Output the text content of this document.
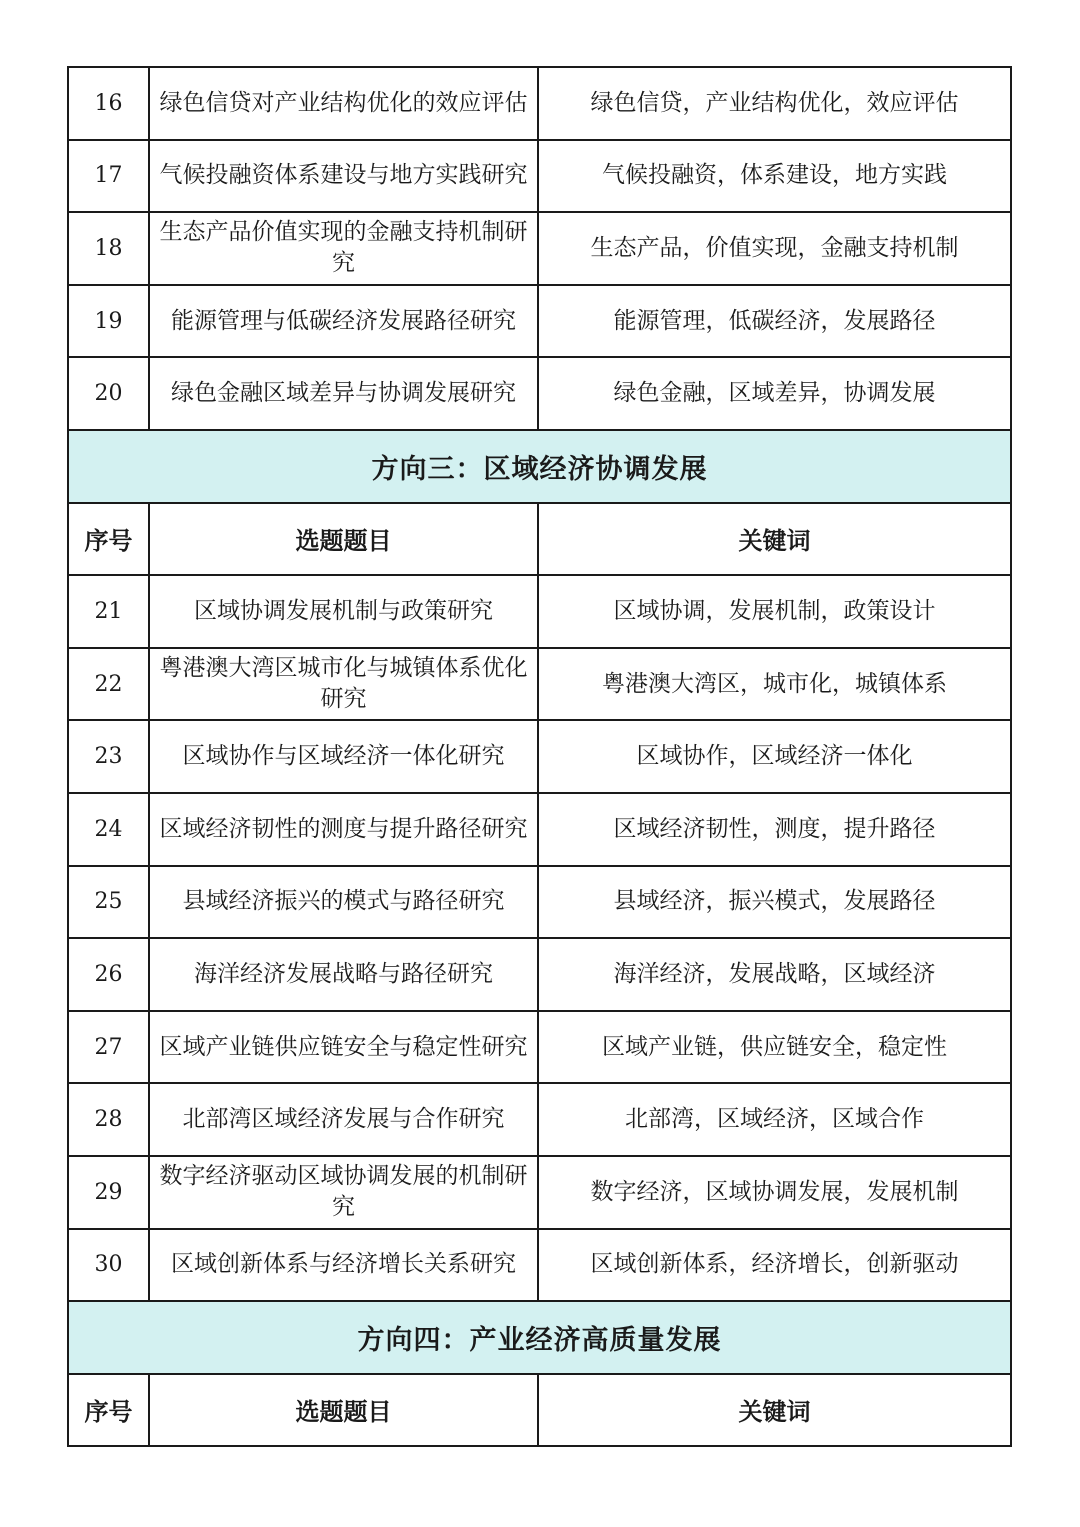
16	绿色信贷对产业结构优化的效应评估	绿色信贷，产业结构优化，效应评估
17	气候投融资体系建设与地方实践研究	气候投融资，体系建设，地方实践
18	生态产品价值实现的金融支持机制研究	生态产品，价值实现，金融支持机制
19	能源管理与低碳经济发展路径研究	能源管理，低碳经济，发展路径
20	绿色金融区域差异与协调发展研究	绿色金融，区域差异，协调发展
方向三：区域经济协调发展		
序号	选题题目	关键词
21	区域协调发展机制与政策研究	区域协调，发展机制，政策设计
22	粤港澳大湾区城市化与城镇体系优化研究	粤港澳大湾区，城市化，城镇体系
23	区域协作与区域经济一体化研究	区域协作，区域经济一体化
24	区域经济韧性的测度与提升路径研究	区域经济韧性，测度，提升路径
25	县域经济振兴的模式与路径研究	县域经济，振兴模式，发展路径
26	海洋经济发展战略与路径研究	海洋经济，发展战略，区域经济
27	区域产业链供应链安全与稳定性研究	区域产业链，供应链安全，稳定性
28	北部湾区域经济发展与合作研究	北部湾，区域经济，区域合作
29	数字经济驱动区域协调发展的机制研究	数字经济，区域协调发展，发展机制
30	区域创新体系与经济增长关系研究	区域创新体系，经济增长，创新驱动
方向四：产业经济高质量发展		
序号	选题题目	关键词
